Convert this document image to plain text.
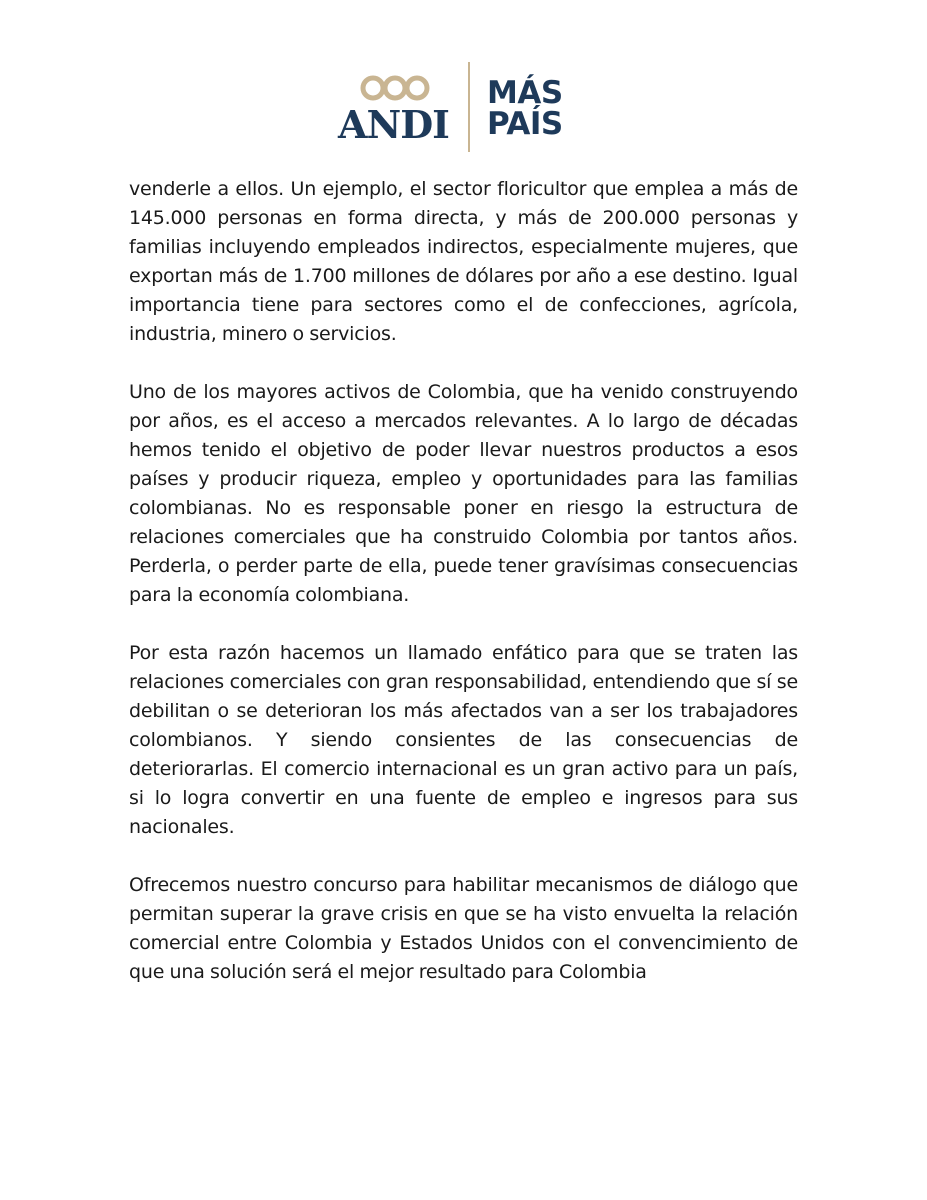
ANDI
MÁS
PAÍS

venderle a ellos. Un ejemplo, el sector floricultor que emplea a más de 145.000 personas en forma directa, y más de 200.000 personas y familias incluyendo empleados indirectos, especialmente mujeres, que exportan más de 1.700 millones de dólares por año a ese destino. Igual importancia tiene para sectores como el de confecciones, agrícola, industria, minero o servicios.

Uno de los mayores activos de Colombia, que ha venido construyendo por años, es el acceso a mercados relevantes. A lo largo de décadas hemos tenido el objetivo de poder llevar nuestros productos a esos países y producir riqueza, empleo y oportunidades para las familias colombianas. No es responsable poner en riesgo la estructura de relaciones comerciales que ha construido Colombia por tantos años. Perderla, o perder parte de ella, puede tener gravísimas consecuencias para la economía colombiana.

Por esta razón hacemos un llamado enfático para que se traten las relaciones comerciales con gran responsabilidad, entendiendo que sí se debilitan o se deterioran los más afectados van a ser los trabajadores colombianos. Y siendo consientes de las consecuencias de deteriorarlas. El comercio internacional es un gran activo para un país, si lo logra convertir en una fuente de empleo e ingresos para sus nacionales.

Ofrecemos nuestro concurso para habilitar mecanismos de diálogo que permitan superar la grave crisis en que se ha visto envuelta la relación comercial entre Colombia y Estados Unidos con el convencimiento de que una solución será el mejor resultado para Colombia
